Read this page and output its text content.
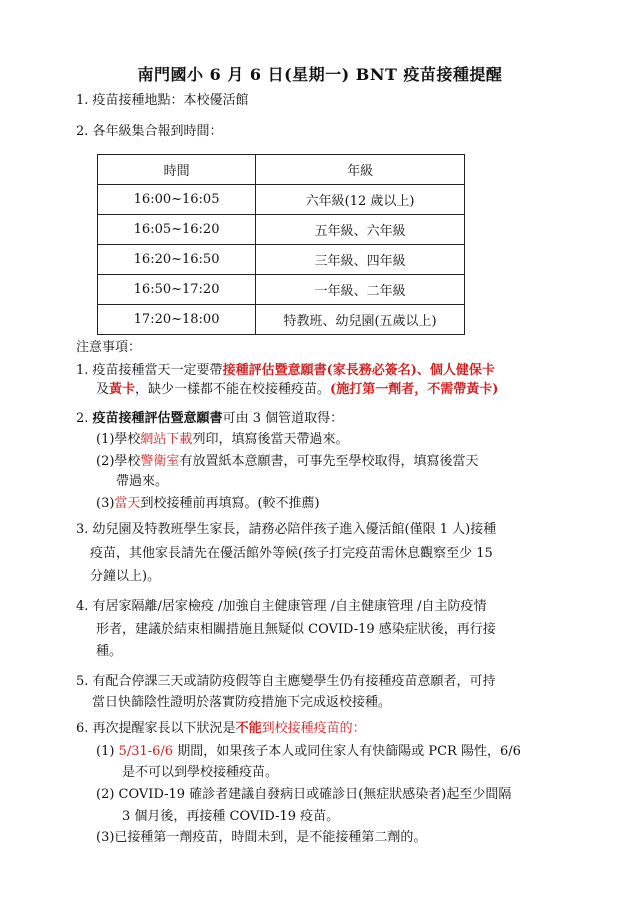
南門國小 6 月 6 日(星期一) BNT 疫苗接種提醒
1. 疫苗接種地點：本校優活館
2. 各年級集合報到時間：
時間	年級
16:00~16:05	六年級(12 歲以上)
16:05~16:20	五年級、六年級
16:20~16:50	三年級、四年級
16:50~17:20	一年級、二年級
17:20~18:00	特教班、幼兒園(五歲以上)
注意事項：
1. 疫苗接種當天一定要帶接種評估暨意願書(家長務必簽名)、個人健保卡
及黃卡，缺少一樣都不能在校接種疫苗。(施打第一劑者，不需帶黃卡)
2. 疫苗接種評估暨意願書可由 3 個管道取得：
(1)學校網站下載列印，填寫後當天帶過來。
(2)學校警衛室有放置紙本意願書，可事先至學校取得，填寫後當天
帶過來。
(3)當天到校接種前再填寫。(較不推薦)
3. 幼兒園及特教班學生家長，請務必陪伴孩子進入優活館(僅限 1 人)接種
疫苗，其他家長請先在優活館外等候(孩子打完疫苗需休息觀察至少 15
分鐘以上)。
4. 有居家隔離/居家檢疫 /加強自主健康管理 /自主健康管理 /自主防疫情
形者，建議於結束相關措施且無疑似 COVID-19 感染症狀後，再行接
種。
5. 有配合停課三天或請防疫假等自主應變學生仍有接種疫苗意願者，可持
當日快篩陰性證明於落實防疫措施下完成返校接種。
6. 再次提醒家長以下狀況是不能到校接種疫苗的：
(1) 5/31-6/6 期間，如果孩子本人或同住家人有快篩陽或 PCR 陽性，6/6
是不可以到學校接種疫苗。
(2) COVID-19 確診者建議自發病日或確診日(無症狀感染者)起至少間隔
3 個月後，再接種 COVID-19 疫苗。
(3)已接種第一劑疫苗，時間未到，是不能接種第二劑的。
